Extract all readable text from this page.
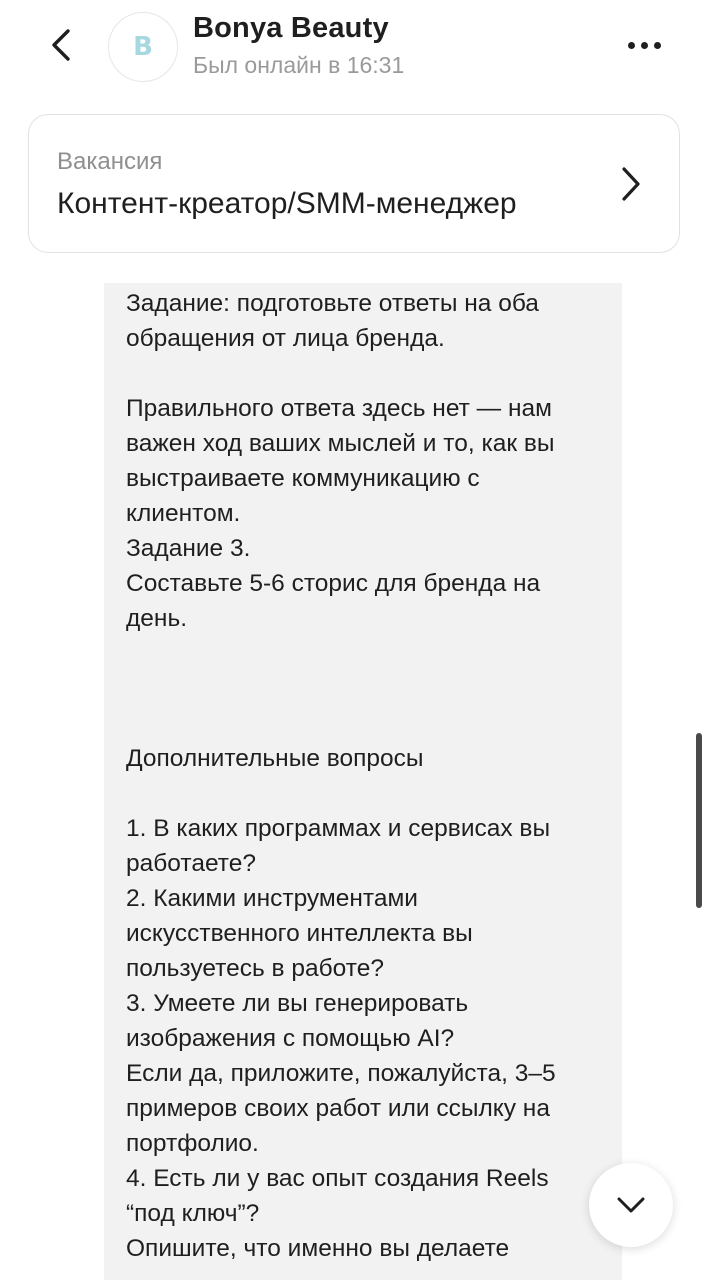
B
Bonya Beauty
Был онлайн в 16:31
Вакансия
Контент-креатор/SMM-менеджер
Задание: подготовьте ответы на оба
обращения от лица бренда.
Правильного ответа здесь нет — нам
важен ход ваших мыслей и то, как вы
выстраиваете коммуникацию с
клиентом.
Задание 3.
Составьте 5-6 сторис для бренда на
день.
Дополнительные вопросы
1. В каких программах и сервисах вы
работаете?
2. Какими инструментами
искусственного интеллекта вы
пользуетесь в работе?
3. Умеете ли вы генерировать
изображения с помощью AI?
Если да, приложите, пожалуйста, 3–5
примеров своих работ или ссылку на
портфолио.
4. Есть ли у вас опыт создания Reels
“под ключ”?
Опишите, что именно вы делаете
